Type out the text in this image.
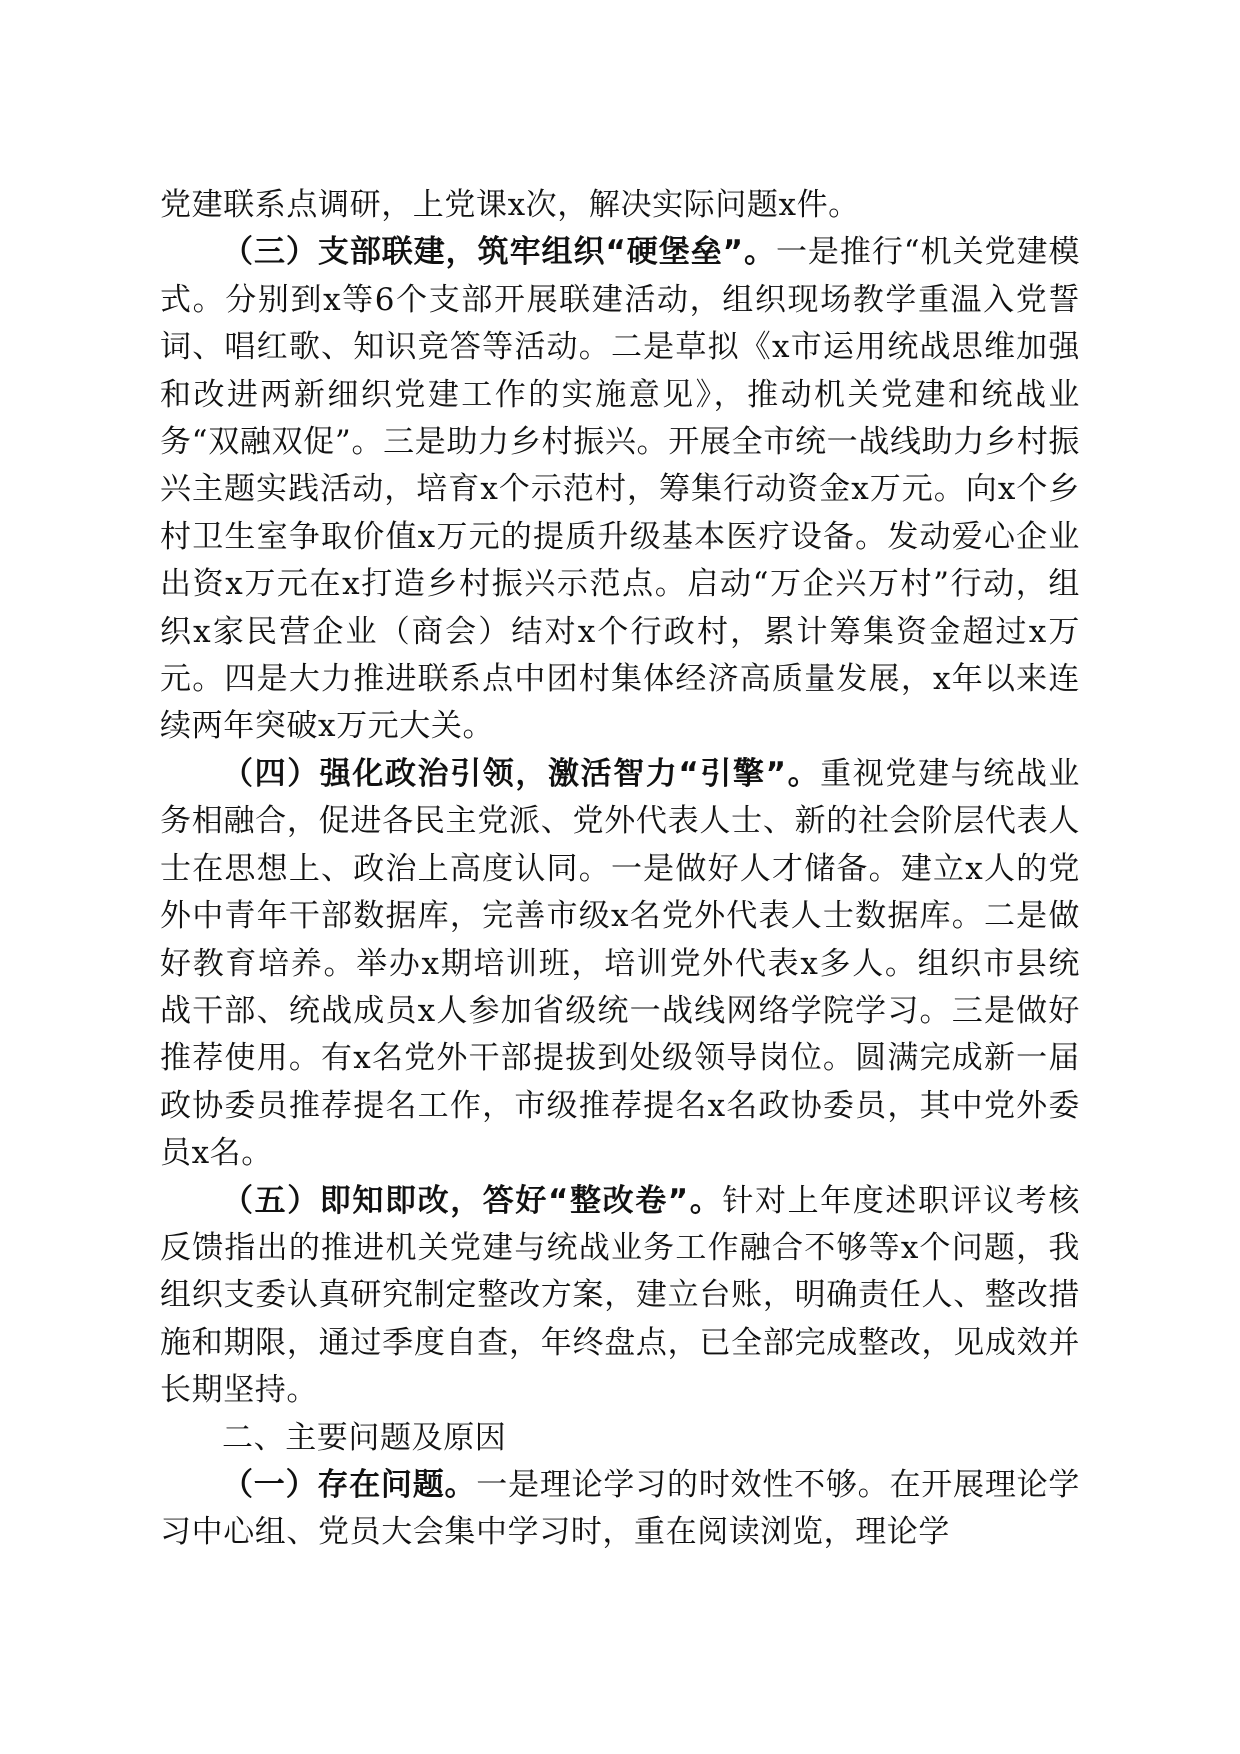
党建联系点调研，上党课x次，解决实际问题x件。

（三）支部联建，筑牢组织“硬堡垒”。一是推行“机关党建模式。分别到x等6个支部开展联建活动，组织现场教学重温入党誓词、唱红歌、知识竞答等活动。二是草拟《x市运用统战思维加强和改进两新细织党建工作的实施意见》，推动机关党建和统战业务“双融双促”。三是助力乡村振兴。开展全市统一战线助力乡村振兴主题实践活动，培育x个示范村，筹集行动资金x万元。向x个乡村卫生室争取价值x万元的提质升级基本医疗设备。发动爱心企业出资x万元在x打造乡村振兴示范点。启动“万企兴万村”行动，组织x家民营企业（商会）结对x个行政村，累计筹集资金超过x万元。四是大力推进联系点中团村集体经济高质量发展，x年以来连续两年突破x万元大关。

（四）强化政治引领，激活智力“引擎”。重视党建与统战业务相融合，促进各民主党派、党外代表人士、新的社会阶层代表人士在思想上、政治上高度认同。一是做好人才储备。建立x人的党外中青年干部数据库，完善市级x名党外代表人士数据库。二是做好教育培养。举办x期培训班，培训党外代表x多人。组织市县统战干部、统战成员x人参加省级统一战线网络学院学习。三是做好推荐使用。有x名党外干部提拔到处级领导岗位。圆满完成新一届政协委员推荐提名工作，市级推荐提名x名政协委员，其中党外委员x名。

（五）即知即改，答好“整改卷”。针对上年度述职评议考核反馈指出的推进机关党建与统战业务工作融合不够等x个问题，我组织支委认真研究制定整改方案，建立台账，明确责任人、整改措施和期限，通过季度自查，年终盘点，已全部完成整改，见成效并长期坚持。

二、主要问题及原因

（一）存在问题。一是理论学习的时效性不够。在开展理论学习中心组、党员大会集中学习时，重在阅读浏览，理论学
